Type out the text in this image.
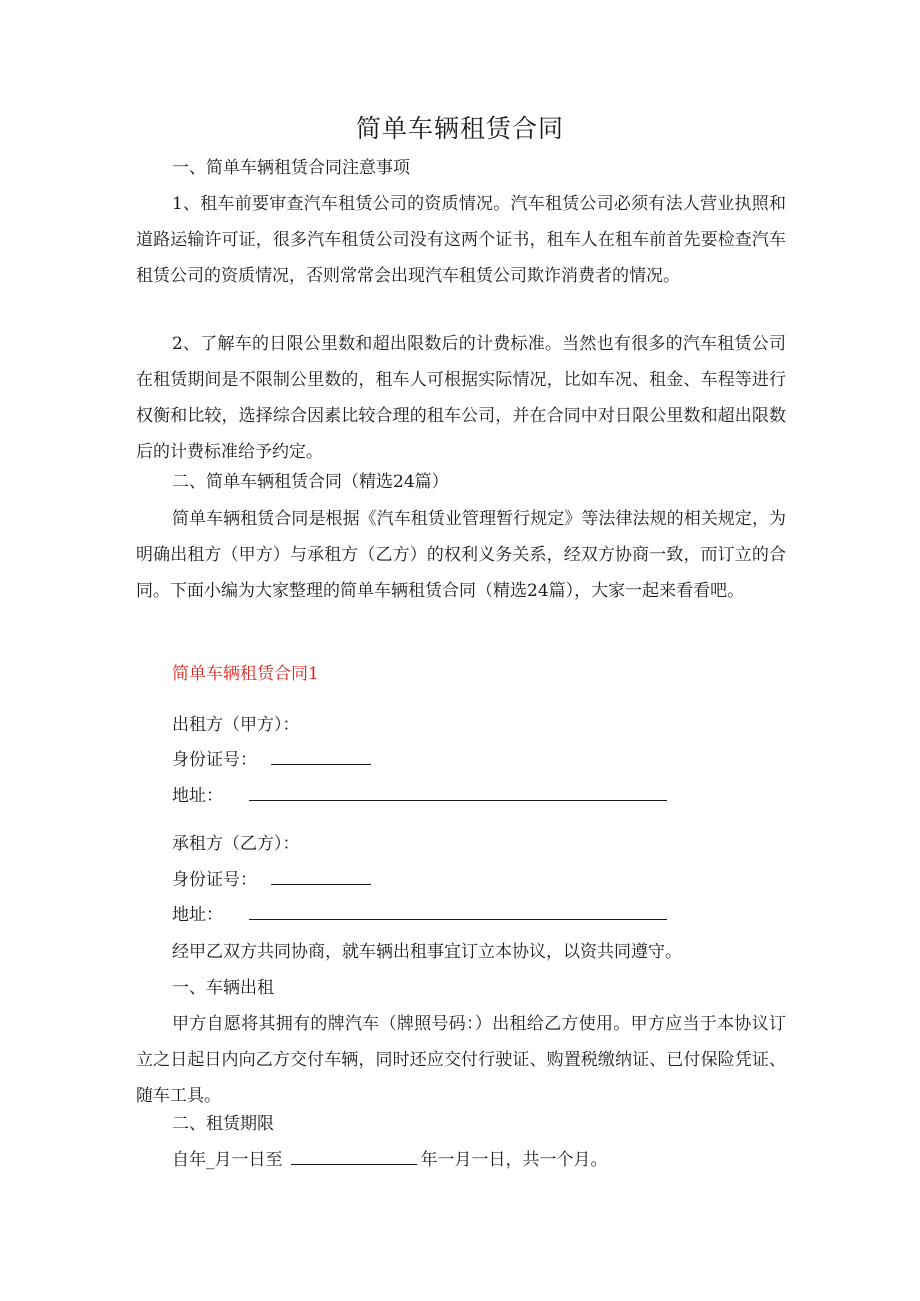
简单车辆租赁合同

一、简单车辆租赁合同注意事项

1、租车前要审查汽车租赁公司的资质情况。汽车租赁公司必须有法人营业执照和道路运输许可证，很多汽车租赁公司没有这两个证书，租车人在租车前首先要检查汽车租赁公司的资质情况，否则常常会出现汽车租赁公司欺诈消费者的情况。

2、了解车的日限公里数和超出限数后的计费标准。当然也有很多的汽车租赁公司在租赁期间是不限制公里数的，租车人可根据实际情况，比如车况、租金、车程等进行权衡和比较，选择综合因素比较合理的租车公司，并在合同中对日限公里数和超出限数后的计费标准给予约定。

二、简单车辆租赁合同（精选24篇）

简单车辆租赁合同是根据《汽车租赁业管理暂行规定》等法律法规的相关规定，为明确出租方（甲方）与承租方（乙方）的权利义务关系，经双方协商一致，而订立的合同。下面小编为大家整理的简单车辆租赁合同（精选24篇），大家一起来看看吧。

简单车辆租赁合同1
出租方（甲方）：
身份证号：
地址：
承租方（乙方）：
身份证号：
地址：

经甲乙双方共同协商，就车辆出租事宜订立本协议，以资共同遵守。

一、车辆出租

甲方自愿将其拥有的牌汽车（牌照号码：）出租给乙方使用。甲方应当于本协议订立之日起日内向乙方交付车辆，同时还应交付行驶证、购置税缴纳证、已付保险凭证、随车工具。

二、租赁期限

自年_月一日至	年一月一日，共一个月。
